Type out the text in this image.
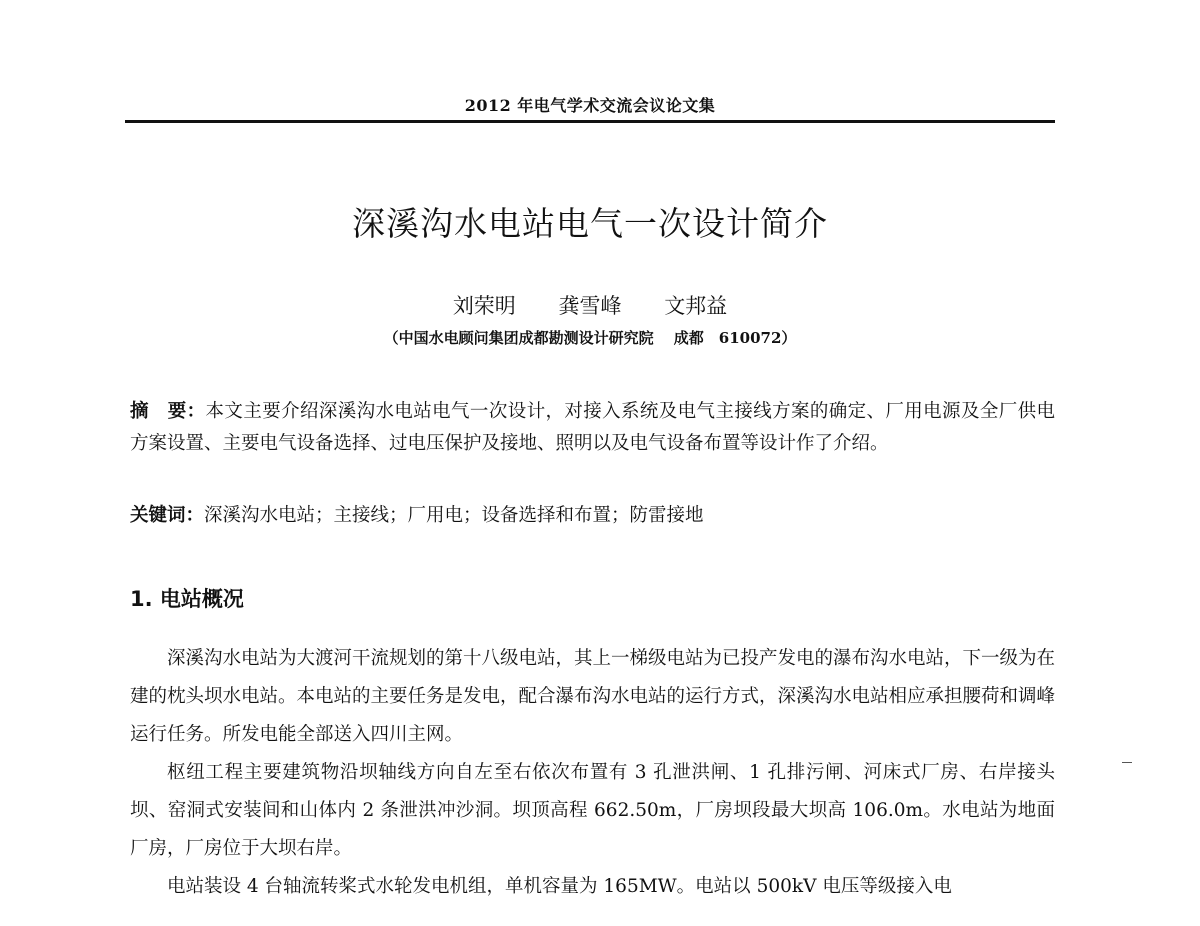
2012 年电气学术交流会议论文集
深溪沟水电站电气一次设计简介
刘荣明 龚雪峰 文邦益
（中国水电顾问集团成都勘测设计研究院　 成都　610072）
摘　要：本文主要介绍深溪沟水电站电气一次设计，对接入系统及电气主接线方案的确定、厂用电源及全厂供电方案设置、主要电气设备选择、过电压保护及接地、照明以及电气设备布置等设计作了介绍。
关键词：深溪沟水电站；主接线；厂用电；设备选择和布置；防雷接地
1. 电站概况

深溪沟水电站为大渡河干流规划的第十八级电站，其上一梯级电站为已投产发电的瀑布沟水电站，下一级为在建的枕头坝水电站。本电站的主要任务是发电，配合瀑布沟水电站的运行方式，深溪沟水电站相应承担腰荷和调峰运行任务。所发电能全部送入四川主网。

枢纽工程主要建筑物沿坝轴线方向自左至右依次布置有 3 孔泄洪闸、1 孔排污闸、河床式厂房、右岸接头坝、窑洞式安装间和山体内 2 条泄洪冲沙洞。坝顶高程 662.50m，厂房坝段最大坝高 106.0m。水电站为地面厂房，厂房位于大坝右岸。

电站装设 4 台轴流转桨式水轮发电机组，单机容量为 165MW。电站以 500kV 电压等级接入电
